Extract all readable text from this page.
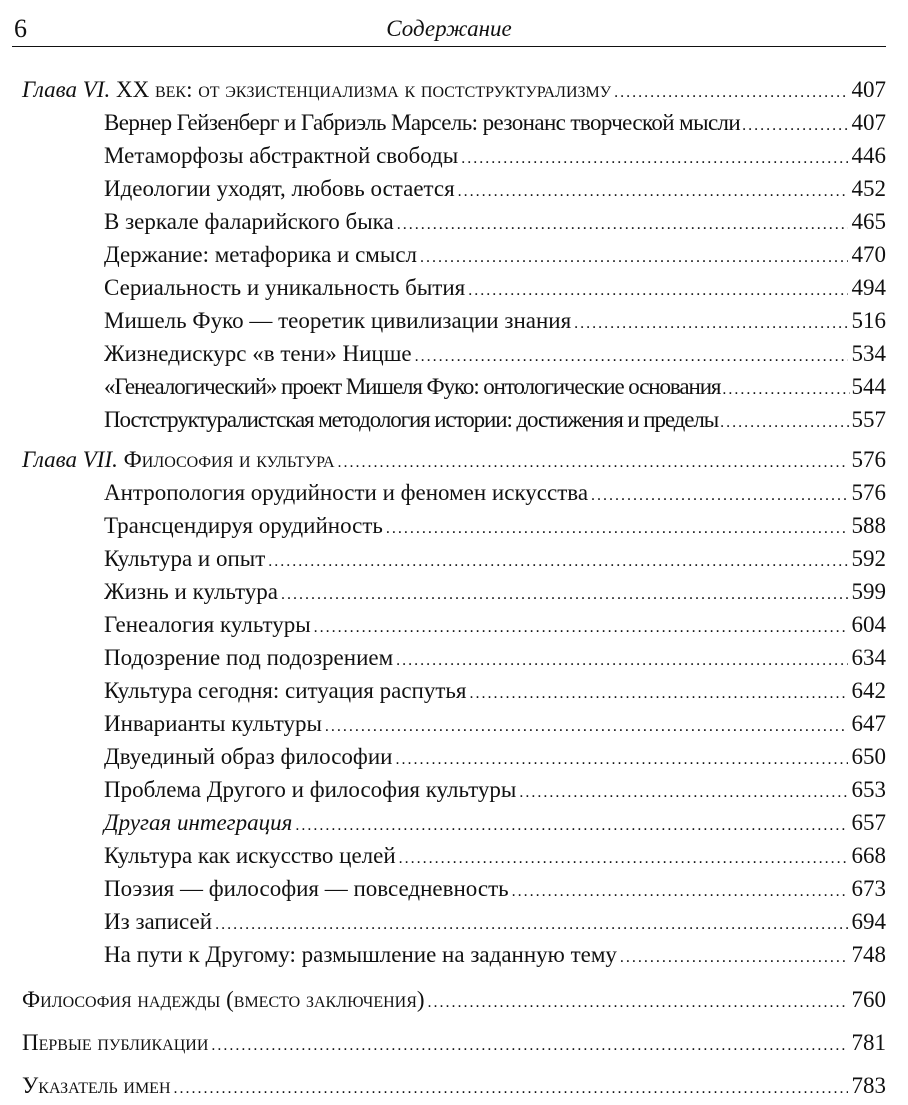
6	Содержание
Глава VI. XX век: от экзистенциализма к постструктурализму .....	407
Вернер Гейзенберг и Габриэль Марсель: резонанс творческой мысли .....	407
Метаморфозы абстрактной свободы .....	446
Идеологии уходят, любовь остается .....	452
В зеркале фаларийского быка .....	465
Держание: метафорика и смысл .....	470
Сериальность и уникальность бытия .....	494
Мишель Фуко — теоретик цивилизации знания .....	516
Жизнедискурс «в тени» Ницше .....	534
«Генеалогический» проект Мишеля Фуко: онтологические основания .....	544
Постструктуралистская методология истории: достижения и пределы .....	557
Глава VII. Философия и культура .....	576
Антропология орудийности и феномен искусства .....	576
Трансцендируя орудийность .....	588
Культура и опыт .....	592
Жизнь и культура .....	599
Генеалогия культуры .....	604
Подозрение под подозрением .....	634
Культура сегодня: ситуация распутья .....	642
Инварианты культуры .....	647
Двуединый образ философии .....	650
Проблема Другого и философия культуры .....	653
Другая интеграция .....	657
Культура как искусство целей .....	668
Поэзия — философия — повседневность .....	673
Из записей .....	694
На пути к Другому: размышление на заданную тему .....	748
Философия надежды (вместо заключения) .....	760
Первые публикации .....	781
Указатель имен .....	783
